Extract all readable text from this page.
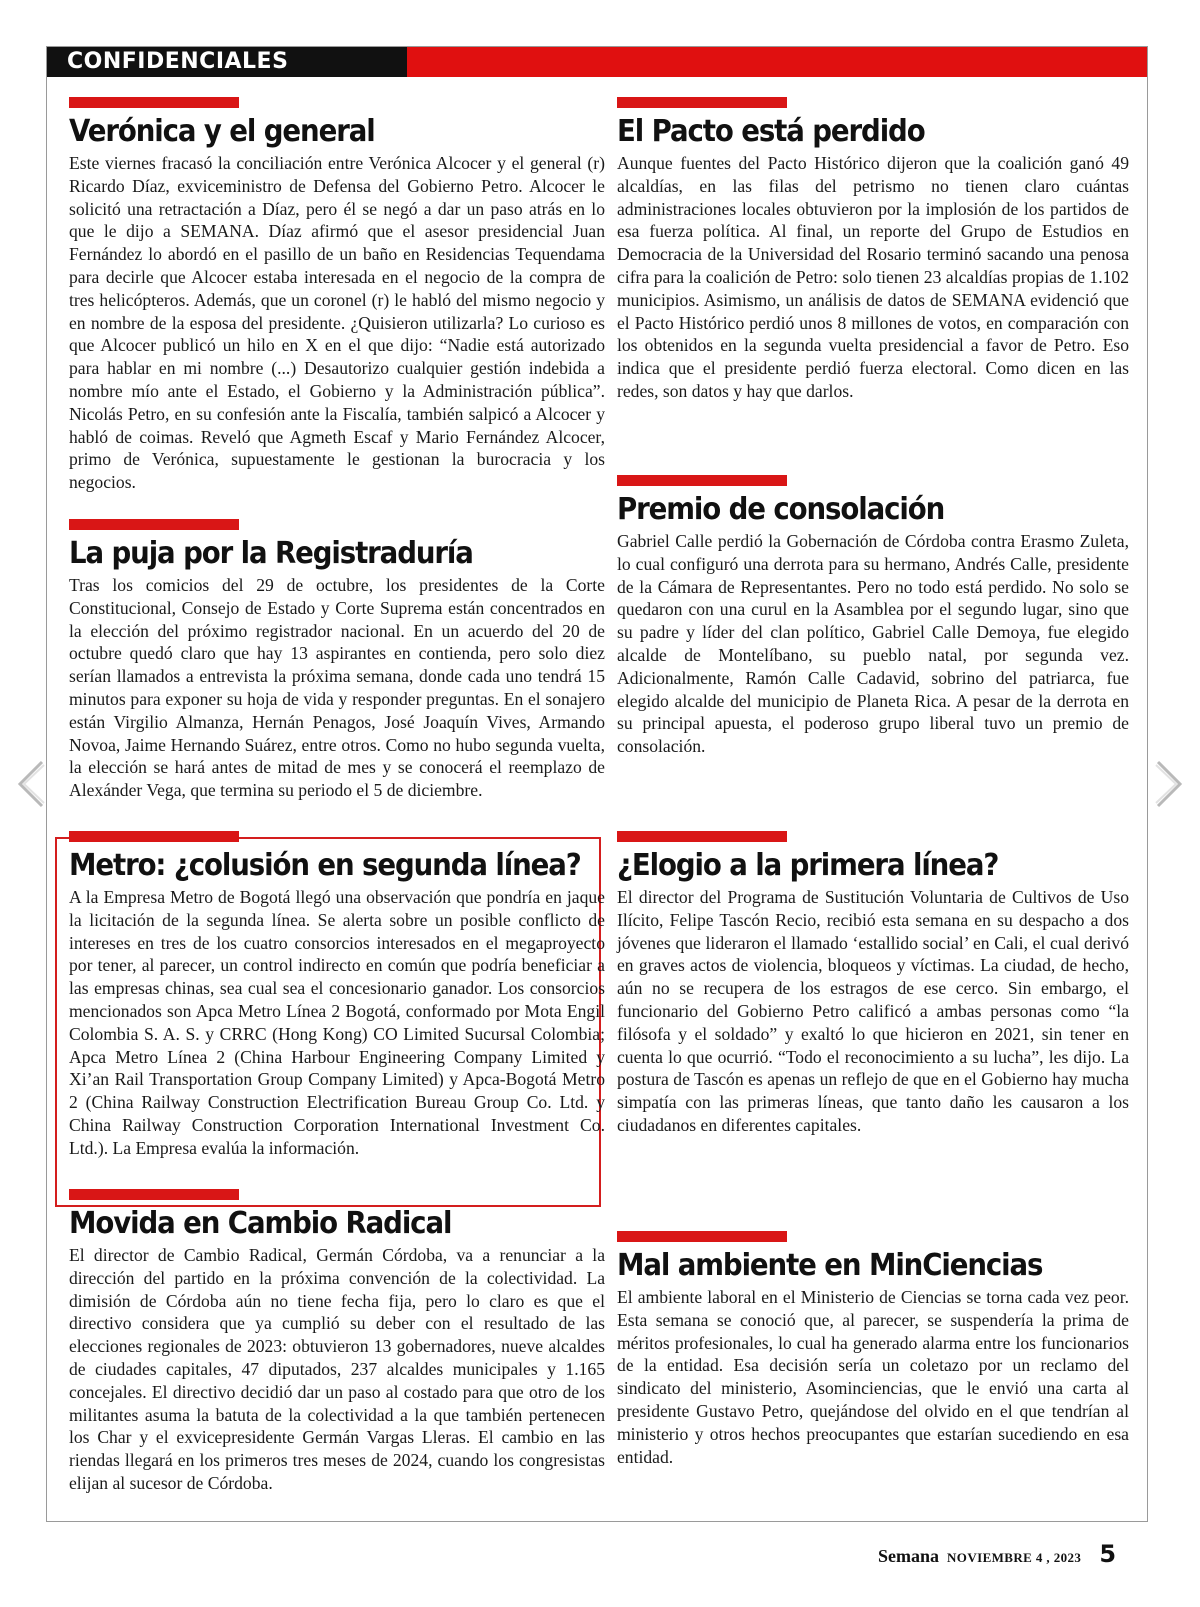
CONFIDENCIALES
Verónica y el general

Este viernes fracasó la conciliación entre Verónica Alcocer y el general (r) Ricardo Díaz, exviceministro de Defensa del Gobierno Petro. Alcocer le solicitó una retractación a Díaz, pero él se negó a dar un paso atrás en lo que le dijo a SEMANA. Díaz afirmó que el asesor presidencial Juan Fernández lo abordó en el pasillo de un baño en Residencias Tequendama para decirle que Alcocer estaba interesada en el negocio de la compra de tres helicópteros. Además, que un coronel (r) le habló del mismo negocio y en nombre de la esposa del presidente. ¿Quisieron utilizarla? Lo curioso es que Alcocer publicó un hilo en X en el que dijo: “Nadie está autorizado para hablar en mi nombre (...) Desautorizo cualquier gestión indebida a nombre mío ante el Estado, el Gobierno y la Administración pública”. Nicolás Petro, en su confesión ante la Fiscalía, también salpicó a Alcocer y habló de coimas. Reveló que Agmeth Escaf y Mario Fernández Alcocer, primo de Verónica, supuestamente le gestionan la burocracia y los negocios.

La puja por la Registraduría

Tras los comicios del 29 de octubre, los presidentes de la Corte Constitucional, Consejo de Estado y Corte Suprema están concentrados en la elección del próximo registrador nacional. En un acuerdo del 20 de octubre quedó claro que hay 13 aspirantes en contienda, pero solo diez serían llamados a entrevista la próxima semana, donde cada uno tendrá 15 minutos para exponer su hoja de vida y responder preguntas. En el sonajero están Virgilio Almanza, Hernán Penagos, José Joaquín Vives, Armando Novoa, Jaime Hernando Suárez, entre otros. Como no hubo segunda vuelta, la elección se hará antes de mitad de mes y se conocerá el reemplazo de Alexánder Vega, que termina su periodo el 5 de diciembre.

Metro: ¿colusión en segunda línea?

A la Empresa Metro de Bogotá llegó una observación que pondría en jaque la licitación de la segunda línea. Se alerta sobre un posible conflicto de intereses en tres de los cuatro consorcios interesados en el megaproyecto por tener, al parecer, un control indirecto en común que podría beneficiar a las empresas chinas, sea cual sea el concesionario ganador. Los consorcios mencionados son Apca Metro Línea 2 Bogotá, conformado por Mota Engil Colombia S. A. S. y CRRC (Hong Kong) CO Limited Sucursal Colombia; Apca Metro Línea 2 (China Harbour Engineering Company Limited y Xi’an Rail Transportation Group Company Limited) y Apca-Bogotá Metro 2 (China Railway Construction Electrification Bureau Group Co. Ltd. y China Railway Construction Corporation International Investment Co. Ltd.). La Empresa evalúa la información.

Movida en Cambio Radical

El director de Cambio Radical, Germán Córdoba, va a renunciar a la dirección del partido en la próxima convención de la colectividad. La dimisión de Córdoba aún no tiene fecha fija, pero lo claro es que el directivo considera que ya cumplió su deber con el resultado de las elecciones regionales de 2023: obtuvieron 13 gobernadores, nueve alcaldes de ciudades capitales, 47 diputados, 237 alcaldes municipales y 1.165 concejales. El directivo decidió dar un paso al costado para que otro de los militantes asuma la batuta de la colectividad a la que también pertenecen los Char y el exvicepresidente Germán Vargas Lleras. El cambio en las riendas llegará en los primeros tres meses de 2024, cuando los congresistas elijan al sucesor de Córdoba.

El Pacto está perdido

Aunque fuentes del Pacto Histórico dijeron que la coalición ganó 49 alcaldías, en las filas del petrismo no tienen claro cuántas administraciones locales obtuvieron por la implosión de los partidos de esa fuerza política. Al final, un reporte del Grupo de Estudios en Democracia de la Universidad del Rosario terminó sacando una penosa cifra para la coalición de Petro: solo tienen 23 alcaldías propias de 1.102 municipios. Asimismo, un análisis de datos de SEMANA evidenció que el Pacto Histórico perdió unos 8 millones de votos, en comparación con los obtenidos en la segunda vuelta presidencial a favor de Petro. Eso indica que el presidente perdió fuerza electoral. Como dicen en las redes, son datos y hay que darlos.

Premio de consolación

Gabriel Calle perdió la Gobernación de Córdoba contra Erasmo Zuleta, lo cual configuró una derrota para su hermano, Andrés Calle, presidente de la Cámara de Representantes. Pero no todo está perdido. No solo se quedaron con una curul en la Asamblea por el segundo lugar, sino que su padre y líder del clan político, Gabriel Calle Demoya, fue elegido alcalde de Montelíbano, su pueblo natal, por segunda vez. Adicionalmente, Ramón Calle Cadavid, sobrino del patriarca, fue elegido alcalde del municipio de Planeta Rica. A pesar de la derrota en su principal apuesta, el poderoso grupo liberal tuvo un premio de consolación.

¿Elogio a la primera línea?

El director del Programa de Sustitución Voluntaria de Cultivos de Uso Ilícito, Felipe Tascón Recio, recibió esta semana en su despacho a dos jóvenes que lideraron el llamado ‘estallido social’ en Cali, el cual derivó en graves actos de violencia, bloqueos y víctimas. La ciudad, de hecho, aún no se recupera de los estragos de ese cerco. Sin embargo, el funcionario del Gobierno Petro calificó a ambas personas como “la filósofa y el soldado” y exaltó lo que hicieron en 2021, sin tener en cuenta lo que ocurrió. “Todo el reconocimiento a su lucha”, les dijo. La postura de Tascón es apenas un reflejo de que en el Gobierno hay mucha simpatía con las primeras líneas, que tanto daño les causaron a los ciudadanos en diferentes capitales.

Mal ambiente en MinCiencias

El ambiente laboral en el Ministerio de Ciencias se torna cada vez peor. Esta semana se conoció que, al parecer, se suspendería la prima de méritos profesionales, lo cual ha generado alarma entre los funcionarios de la entidad. Esa decisión sería un coletazo por un reclamo del sindicato del ministerio, Asominciencias, que le envió una carta al presidente Gustavo Petro, quejándose del olvido en el que tendrían al ministerio y otros hechos preocupantes que estarían sucediendo en esa entidad.

Semana NOVIEMBRE 4 , 2023 5
